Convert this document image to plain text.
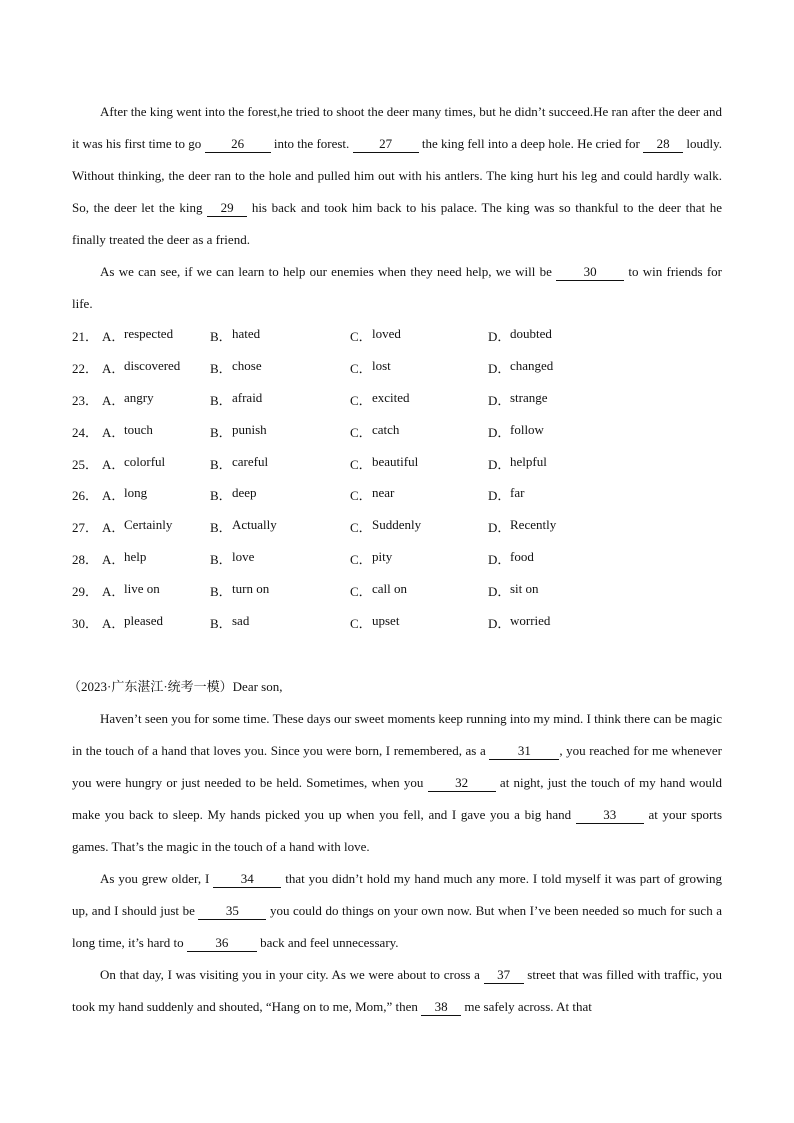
After the king went into the forest,he tried to shoot the deer many times, but he didn’t succeed.He ran after the deer and it was his first time to go 26 into the forest. 27 the king fell into a deep hole. He cried for 28 loudly. Without thinking, the deer ran to the hole and pulled him out with his antlers. The king hurt his leg and could hardly walk. So, the deer let the king 29 his back and took him back to his palace. The king was so thankful to the deer that he finally treated the deer as a friend.

As we can see, if we can learn to help our enemies when they need help, we will be 30 to win friends for life.

21． A． respected	B． hated	C． loved	D． doubted
22． A． discovered B． chose	C． lost	D． changed
23． A． angry	B． afraid	C． excited	D． strange
24． A． touch	B． punish	C． catch	D． follow
25． A． colorful	B． careful	C． beautiful	D． helpful
26． A． long	B． deep	C． near	D． far
27． A． Certainly	B． Actually	C． Suddenly	D． Recently
28． A． help	B． love	C． pity	D． food
29． A． live on	B． turn on	C． call on	D． sit on
30． A． pleased	B． sad	C． upset	D． worried
（2023·广东湛江·统考一模）Dear son,

Haven’t seen you for some time. These days our sweet moments keep running into my mind. I think there can be magic in the touch of a hand that loves you. Since you were born, I remembered, as a 31 , you reached for me whenever you were hungry or just needed to be held. Sometimes, when you 32 at night, just the touch of my hand would make you back to sleep. My hands picked you up when you fell, and I gave you a big hand 33 at your sports games. That’s the magic in the touch of a hand with love.

As you grew older, I 34 that you didn’t hold my hand much any more. I told myself it was part of growing up, and I should just be 35 you could do things on your own now. But when I’ve been needed so much for such a long time, it’s hard to 36 back and feel unnecessary.

On that day, I was visiting you in your city. As we were about to cross a 37 street that was filled with traffic, you took my hand suddenly and shouted, “Hang on to me, Mom,” then 38 me safely across. At that
